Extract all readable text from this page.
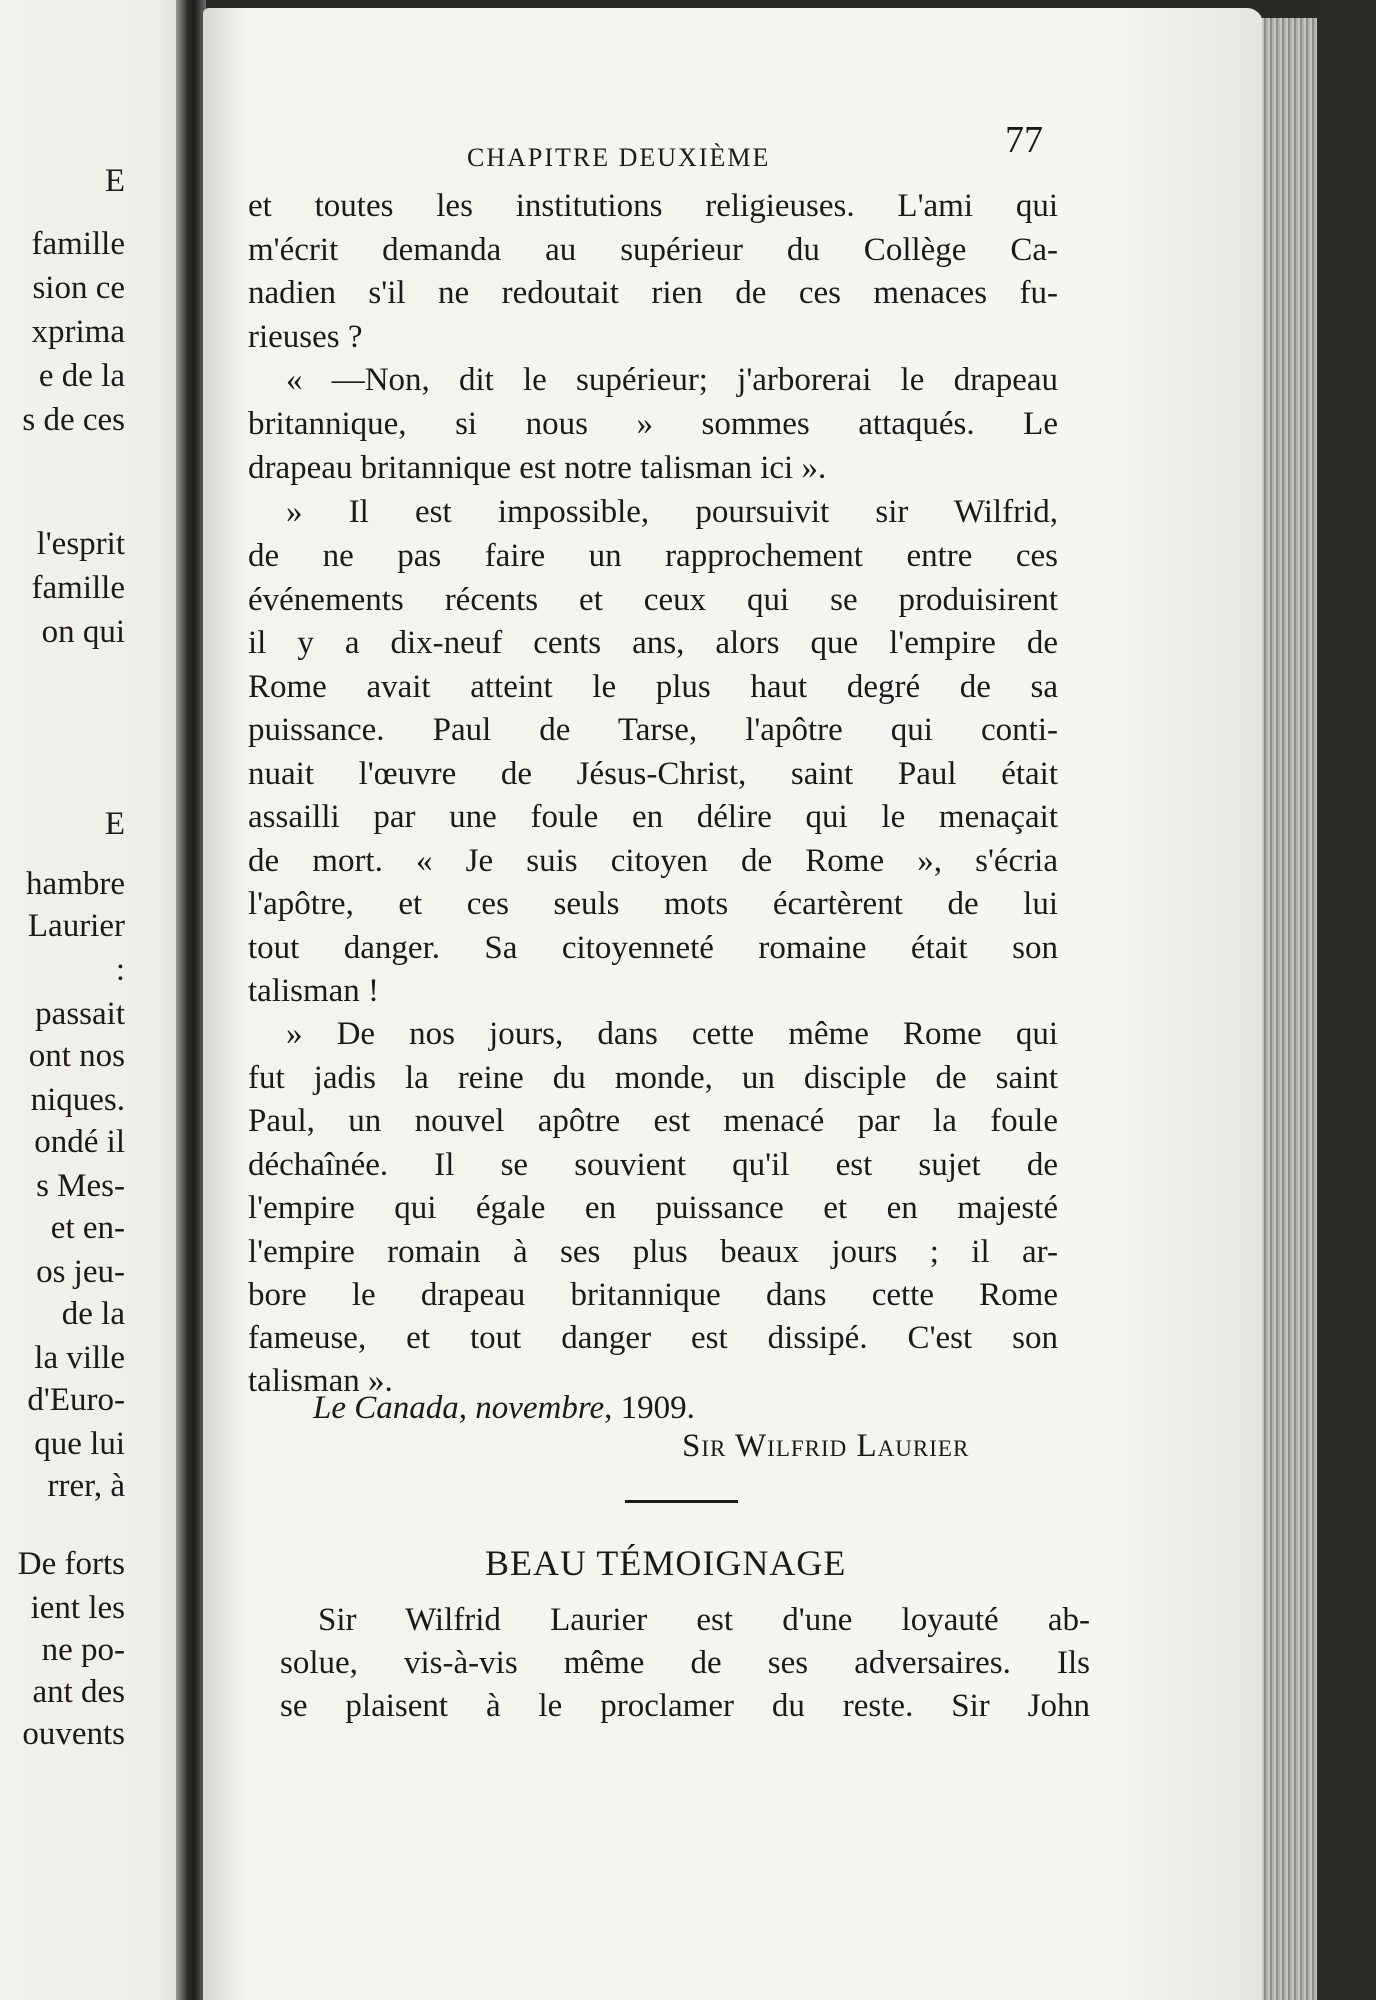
E
famille
sion ce
xprima
e de la
s de ces
l'esprit
famille
on qui
E
hambre
Laurier
:
passait
ont nos
niques.
ondé il
s Mes-
et en-
os jeu-
de la
la ville
d'Euro-
que lui
rrer, à
De forts
ient les
ne po-
ant des
ouvents
CHAPITRE DEUXIÈME	77
et toutes les institutions religieuses. L'ami qui
m'écrit demanda au supérieur du Collège Ca-
nadien s'il ne redoutait rien de ces menaces fu-
rieuses ?
« —Non, dit le supérieur; j'arborerai le drapeau
britannique, si nous » sommes attaqués. Le
drapeau britannique est notre talisman ici ».
» Il est impossible, poursuivit sir Wilfrid,
de ne pas faire un rapprochement entre ces
événements récents et ceux qui se produisirent
il y a dix-neuf cents ans, alors que l'empire de
Rome avait atteint le plus haut degré de sa
puissance. Paul de Tarse, l'apôtre qui conti-
nuait l'œuvre de Jésus-Christ, saint Paul était
assailli par une foule en délire qui le menaçait
de mort. « Je suis citoyen de Rome », s'écria
l'apôtre, et ces seuls mots écartèrent de lui
tout danger. Sa citoyenneté romaine était son
talisman !
» De nos jours, dans cette même Rome qui
fut jadis la reine du monde, un disciple de saint
Paul, un nouvel apôtre est menacé par la foule
déchaînée. Il se souvient qu'il est sujet de
l'empire qui égale en puissance et en majesté
l'empire romain à ses plus beaux jours ; il ar-
bore le drapeau britannique dans cette Rome
fameuse, et tout danger est dissipé. C'est son
talisman ».
Le Canada, novembre, 1909.
Sir Wilfrid Laurier
BEAU TÉMOIGNAGE
Sir Wilfrid Laurier est d'une loyauté ab-
solue, vis-à-vis même de ses adversaires. Ils
se plaisent à le proclamer du reste. Sir John
